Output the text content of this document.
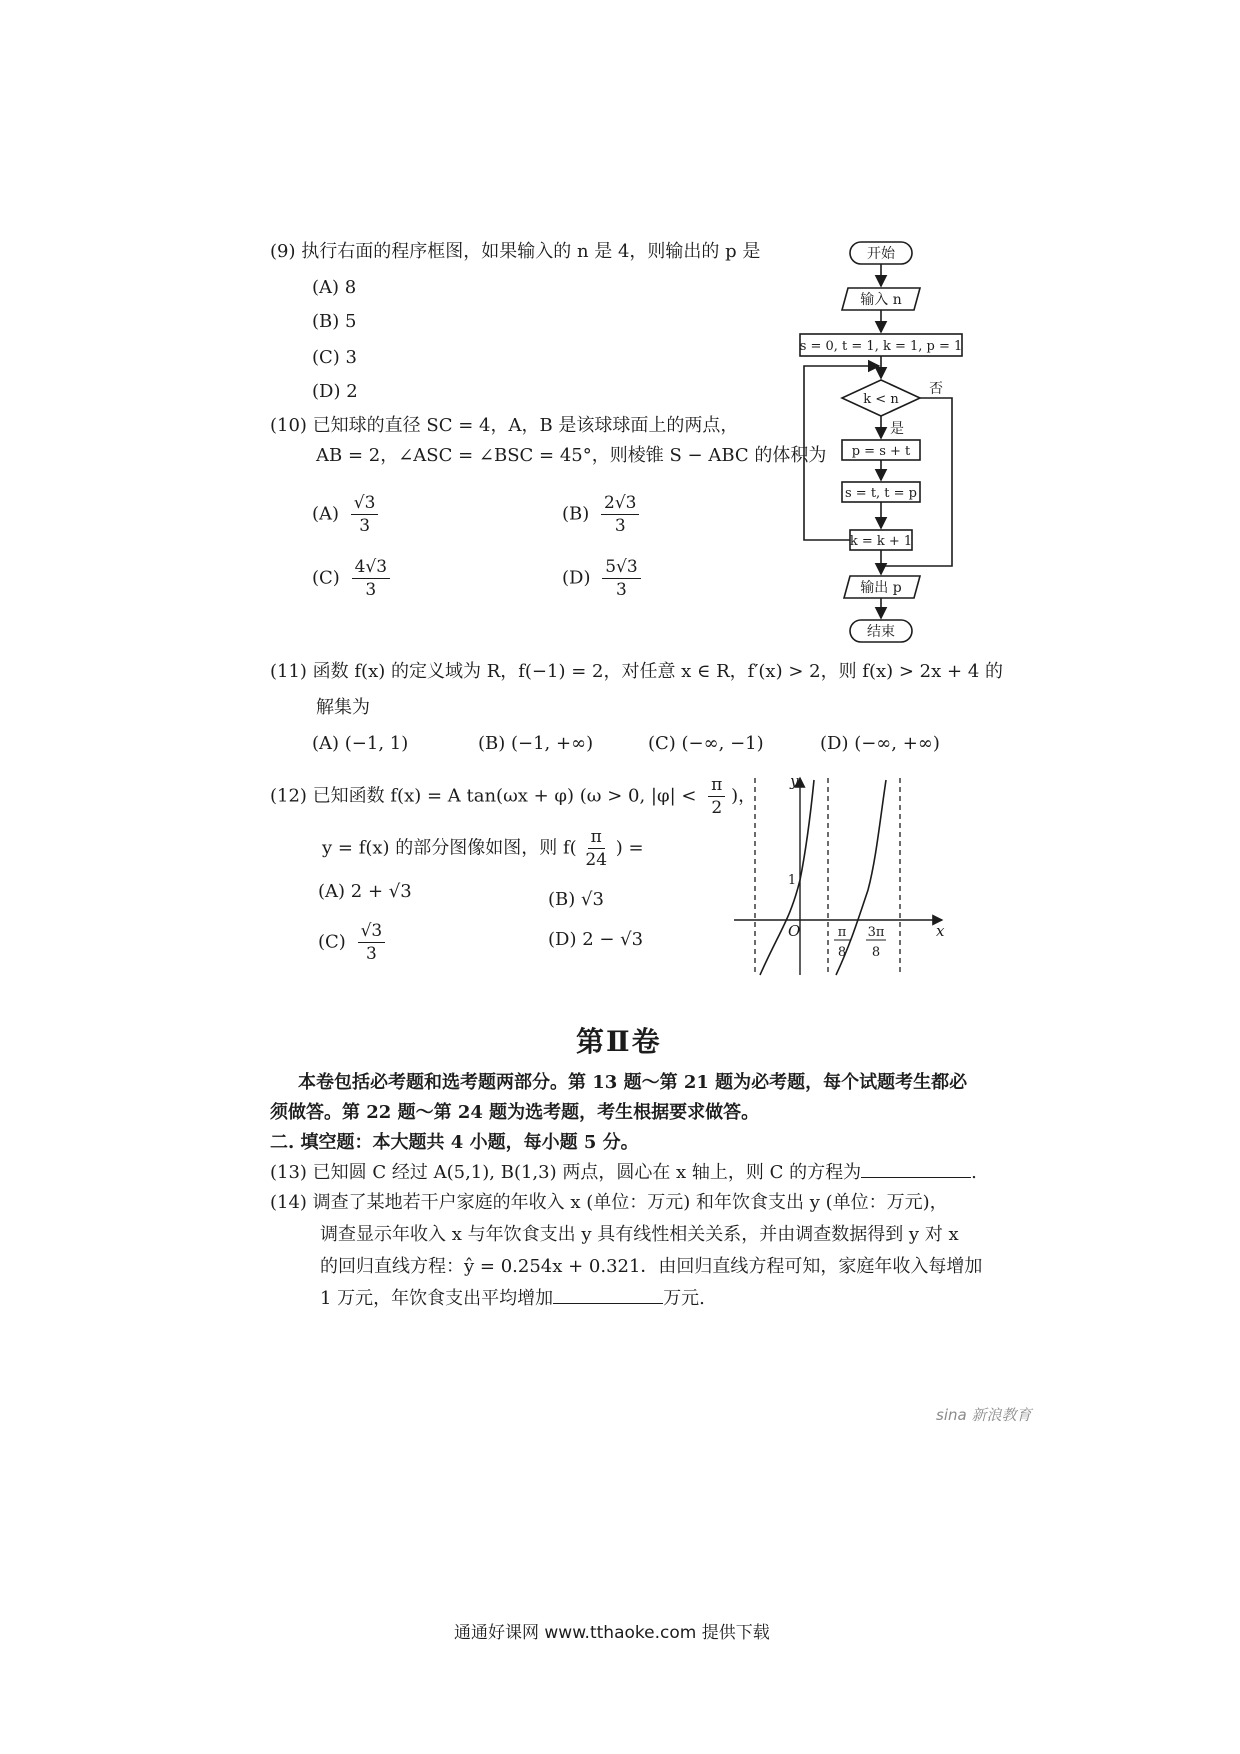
(9) 执行右面的程序框图，如果输入的 n 是 4，则输出的 p 是
(A) 8
(B) 5
(C) 3
(D) 2
开始
输入 n
s = 0, t = 1, k = 1, p = 1
k < n
否
是
p = s + t
s = t, t = p
k = k + 1
输出 p
结束
(10) 已知球的直径 SC = 4，A，B 是该球球面上的两点，
AB = 2，∠ASC = ∠BSC = 45°，则棱锥 S − ABC 的体积为
$(A) \frac{√3}{3}$	$(B) \frac{2√3}{3}$
$(C) \frac{4√3}{3}$	$(D) \frac{5√3}{3}$
(11) 函数 f(x) 的定义域为 R，f(−1) = 2，对任意 x ∈ R，f′(x) > 2，则 f(x) > 2x + 4 的
解集为
(A) (−1, 1)	(B) (−1, +∞)	(C) (−∞, −1)	(D) (−∞, +∞)
(12) 已知函数 f(x) = A tan(ωx + φ) (ω > 0, $|\varphi| < \frac{\pi}{2}$ )，
y = f(x) 的部分图像如图，则 $f( \frac{\pi}{24}$ ) =
(A) 2 + √3	(B) √3
$(C) \frac{√3}{3}$	(D) 2 − √3
y
x
O
1
π
8
3π
8
第Ⅱ卷
本卷包括必考题和选考题两部分。第 13 题～第 21 题为必考题，每个试题考生都必
须做答。第 22 题～第 24 题为选考题，考生根据要求做答。
二. 填空题：本大题共 4 小题，每小题 5 分。
(13) 已知圆 C 经过 A(5,1), B(1,3) 两点，圆心在 x 轴上，则 C 的方程为	.
(14) 调查了某地若干户家庭的年收入 x (单位：万元) 和年饮食支出 y (单位：万元)，
调查显示年收入 x 与年饮食支出 y 具有线性相关关系，并由调查数据得到 y 对 x
的回归直线方程：ŷ = 0.254x + 0.321．由回归直线方程可知，家庭年收入每增加
1 万元，年饮食支出平均增加	万元.
sina 新浪教育
通通好课网 www.tthaoke.com 提供下载
